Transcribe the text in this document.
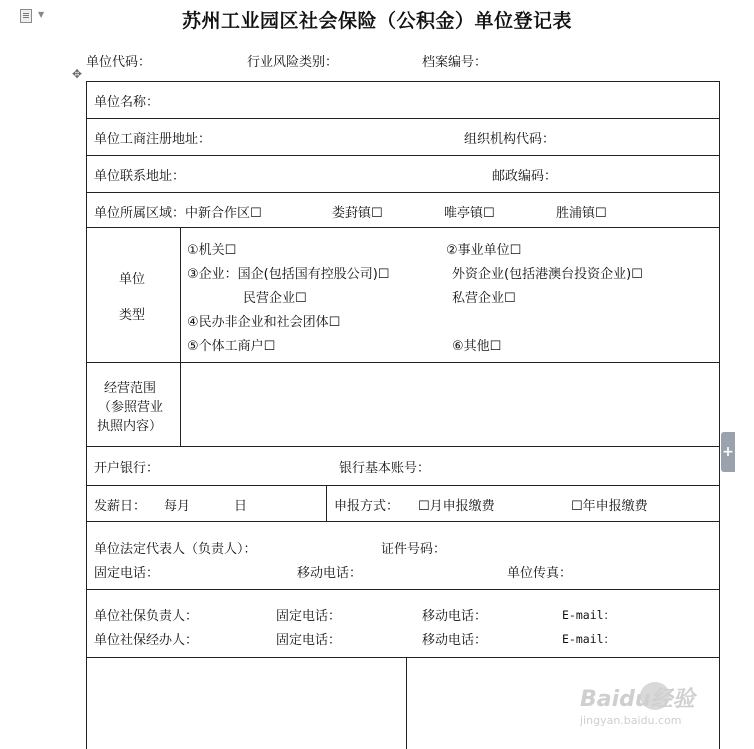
▼
✥
苏州工业园区社会保险（公积金）单位登记表
单位代码：	行业风险类别：	档案编号：
单位名称：
单位工商注册地址：	组织机构代码：
单位联系地址：	邮政编码：
单位所属区域：中新合作区☐	娄葑镇☐	唯亭镇☐	胜浦镇☐
单位
类型
①机关☐	②事业单位☐
③企业：国企(包括国有控股公司)☐	外资企业(包括港澳台投资企业)☐
民营企业☐	私营企业☐
④民办非企业和社会团体☐
⑤个体工商户☐	⑥其他☐
经营范围
（参照营业
执照内容）
开户银行：	银行基本账号：
发薪日： 每月	日	申报方式： ☐月申报缴费	☐年申报缴费
单位法定代表人（负责人）：	证件号码：
固定电话：	移动电话：	单位传真：
单位社保负责人：	固定电话：	移动电话：	E-mail：
单位社保经办人：	固定电话：	移动电话：	E-mail：
+
Baidu经验
jingyan.baidu.com
